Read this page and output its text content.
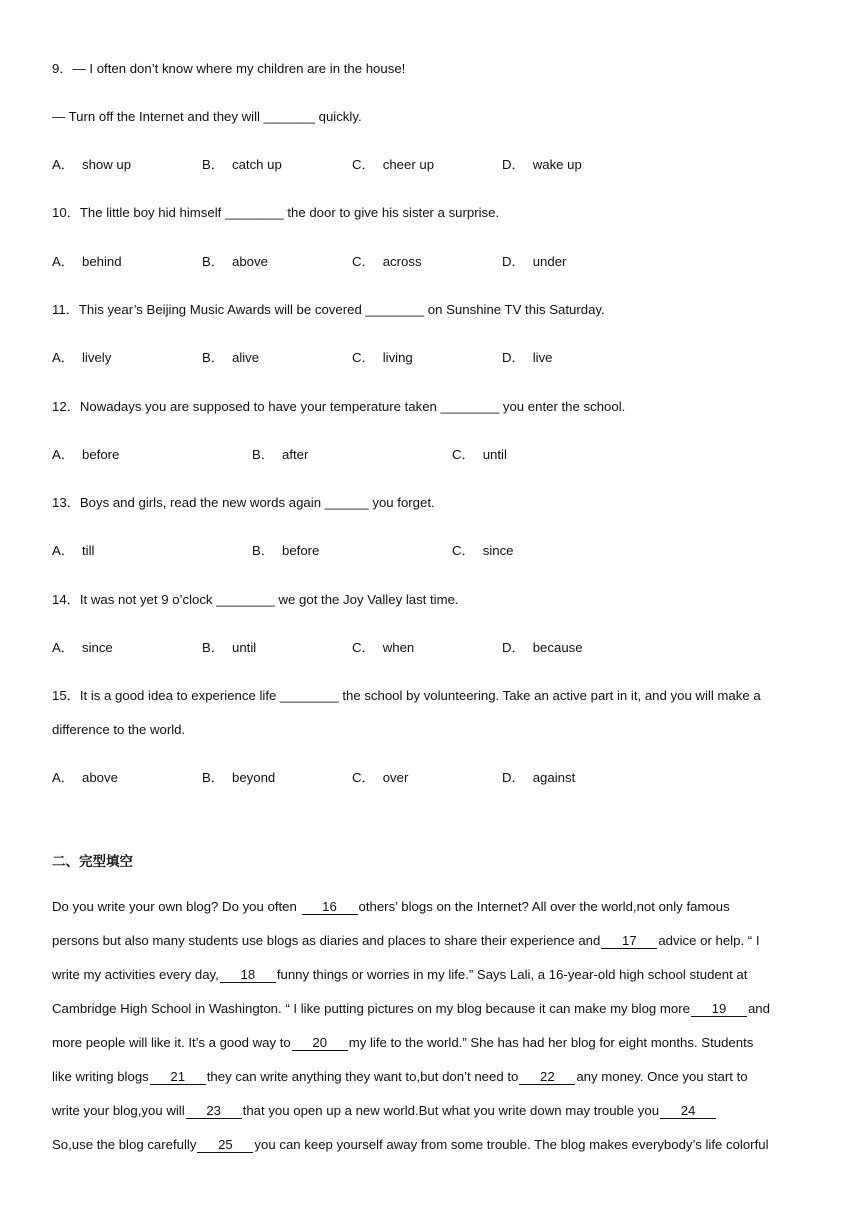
9．— I often don’t know where my children are in the house!
— Turn off the Internet and they will _______ quickly.
A． show up	B． catch up	C． cheer up	D． wake up
10．The little boy hid himself ________ the door to give his sister a surprise.
A． behind	B． above	C． across	D． under
11．This year’s Beijing Music Awards will be covered ________ on Sunshine TV this Saturday.
A． lively	B． alive	C． living	D． live
12．Nowadays you are supposed to have your temperature taken ________ you enter the school.
A． before	B． after	C． until
13．Boys and girls, read the new words again ______ you forget.
A． till	B． before	C． since
14．It was not yet 9 o’clock ________ we got the Joy Valley last time.
A． since	B． until	C． when	D． because
15．It is a good idea to experience life ________ the school by volunteering. Take an active part in it, and you will make a
difference to the world.
A． above	B． beyond	C． over	D． against
二、完型填空
Do you write your own blog? Do you often 16 others’ blogs on the Internet? All over the world,not only famous
persons but also many students use blogs as diaries and places to share their experience and 17 advice or help. “ I
write my activities every day, 18 funny things or worries in my life.” Says Lali, a 16-year-old high school student at
Cambridge High School in Washington. “ I like putting pictures on my blog because it can make my blog more 19 and
more people will like it. It’s a good way to 20 my life to the world.” She has had her blog for eight months. Students
like writing blogs 21 they can write anything they want to,but don’t need to 22 any money. Once you start to
write your blog,you will 23 that you open up a new world.But what you write down may trouble you 24
So,use the blog carefully 25 you can keep yourself away from some trouble. The blog makes everybody’s life colorful
